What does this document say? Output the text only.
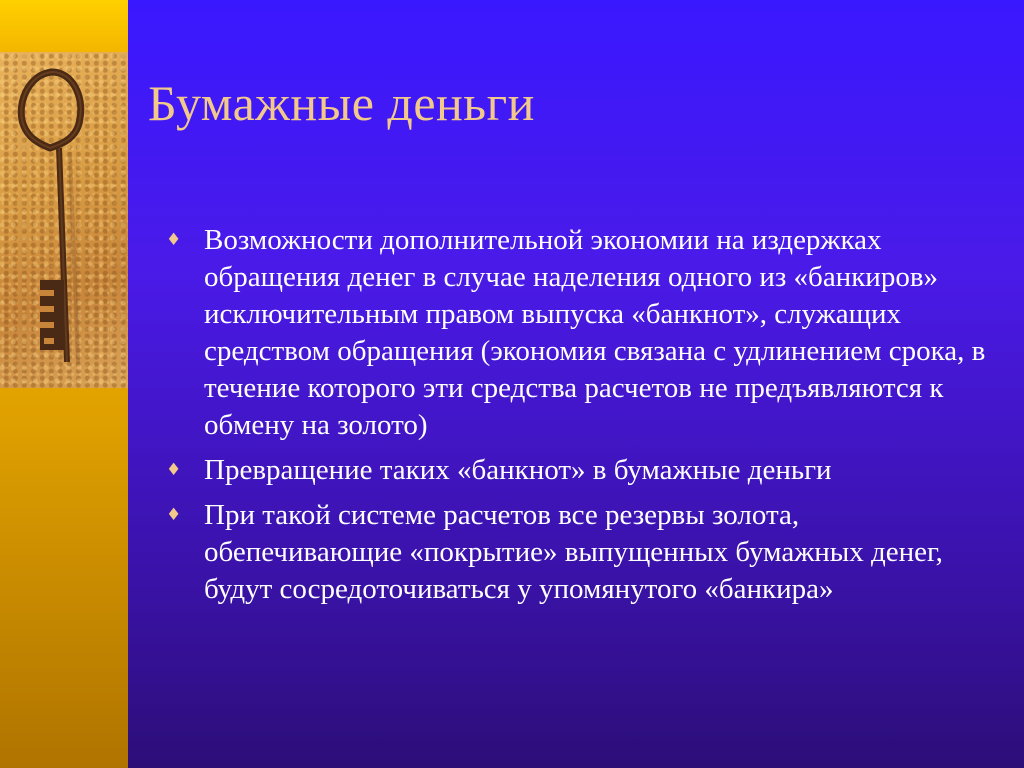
Бумажные деньги
♦ Возможности дополнительной экономии на издержках обращения денег в случае наделения одного из «банкиров» исключительным правом выпуска «банкнот», служащих средством обращения (экономия связана с удлинением срока, в течение которого эти средства расчетов не предъявляются к обмену на золото)
♦ Превращение таких «банкнот» в бумажные деньги
♦ При такой системе расчетов все резервы золота, обепечивающие «покрытие» выпущенных бумажных денег, будут сосредоточиваться у упомянутого «банкира»
